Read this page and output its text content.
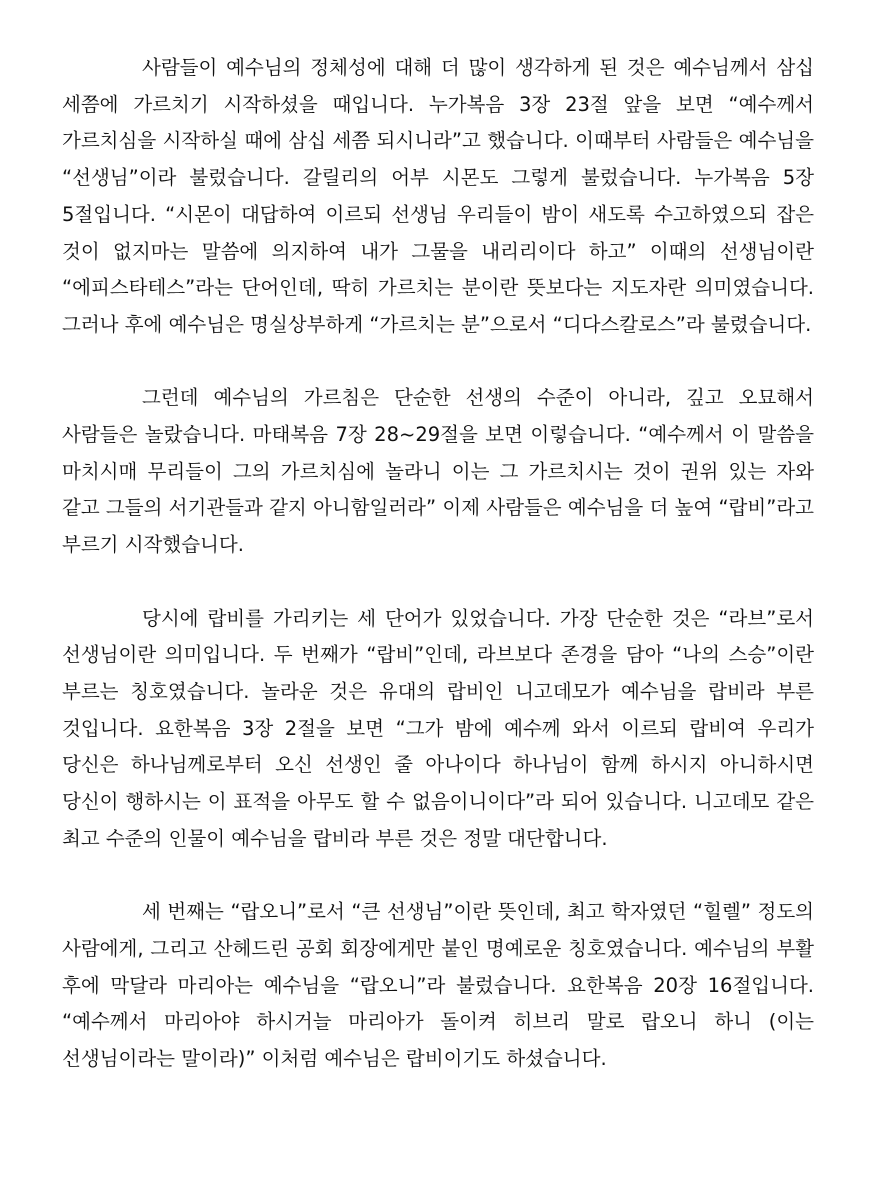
사람들이 예수님의 정체성에 대해 더 많이 생각하게 된 것은 예수님께서 삼십 세쯤에 가르치기 시작하셨을 때입니다. 누가복음 3장 23절 앞을 보면 “예수께서 가르치심을 시작하실 때에 삼십 세쯤 되시니라”고 했습니다. 이때부터 사람들은 예수님을 “선생님”이라 불렀습니다. 갈릴리의 어부 시몬도 그렇게 불렀습니다. 누가복음 5장 5절입니다. “시몬이 대답하여 이르되 선생님 우리들이 밤이 새도록 수고하였으되 잡은 것이 없지마는 말씀에 의지하여 내가 그물을 내리리이다 하고” 이때의 선생님이란 “에피스타테스”라는 단어인데, 딱히 가르치는 분이란 뜻보다는 지도자란 의미였습니다. 그러나 후에 예수님은 명실상부하게 “가르치는 분”으로서 “디다스칼로스”라 불렸습니다.

그런데 예수님의 가르침은 단순한 선생의 수준이 아니라, 깊고 오묘해서 사람들은 놀랐습니다. 마태복음 7장 28~29절을 보면 이렇습니다. “예수께서 이 말씀을 마치시매 무리들이 그의 가르치심에 놀라니 이는 그 가르치시는 것이 권위 있는 자와 같고 그들의 서기관들과 같지 아니함일러라” 이제 사람들은 예수님을 더 높여 “랍비”라고 부르기 시작했습니다.

당시에 랍비를 가리키는 세 단어가 있었습니다. 가장 단순한 것은 “라브”로서 선생님이란 의미입니다. 두 번째가 “랍비”인데, 라브보다 존경을 담아 “나의 스승”이란 부르는 칭호였습니다. 놀라운 것은 유대의 랍비인 니고데모가 예수님을 랍비라 부른 것입니다. 요한복음 3장 2절을 보면 “그가 밤에 예수께 와서 이르되 랍비여 우리가 당신은 하나님께로부터 오신 선생인 줄 아나이다 하나님이 함께 하시지 아니하시면 당신이 행하시는 이 표적을 아무도 할 수 없음이니이다”라 되어 있습니다. 니고데모 같은 최고 수준의 인물이 예수님을 랍비라 부른 것은 정말 대단합니다.

세 번째는 “랍오니”로서 “큰 선생님”이란 뜻인데, 최고 학자였던 “힐렐” 정도의 사람에게, 그리고 산헤드린 공회 회장에게만 붙인 명예로운 칭호였습니다. 예수님의 부활 후에 막달라 마리아는 예수님을 “랍오니”라 불렀습니다. 요한복음 20장 16절입니다. “예수께서 마리아야 하시거늘 마리아가 돌이켜 히브리 말로 랍오니 하니 (이는 선생님이라는 말이라)” 이처럼 예수님은 랍비이기도 하셨습니다.
